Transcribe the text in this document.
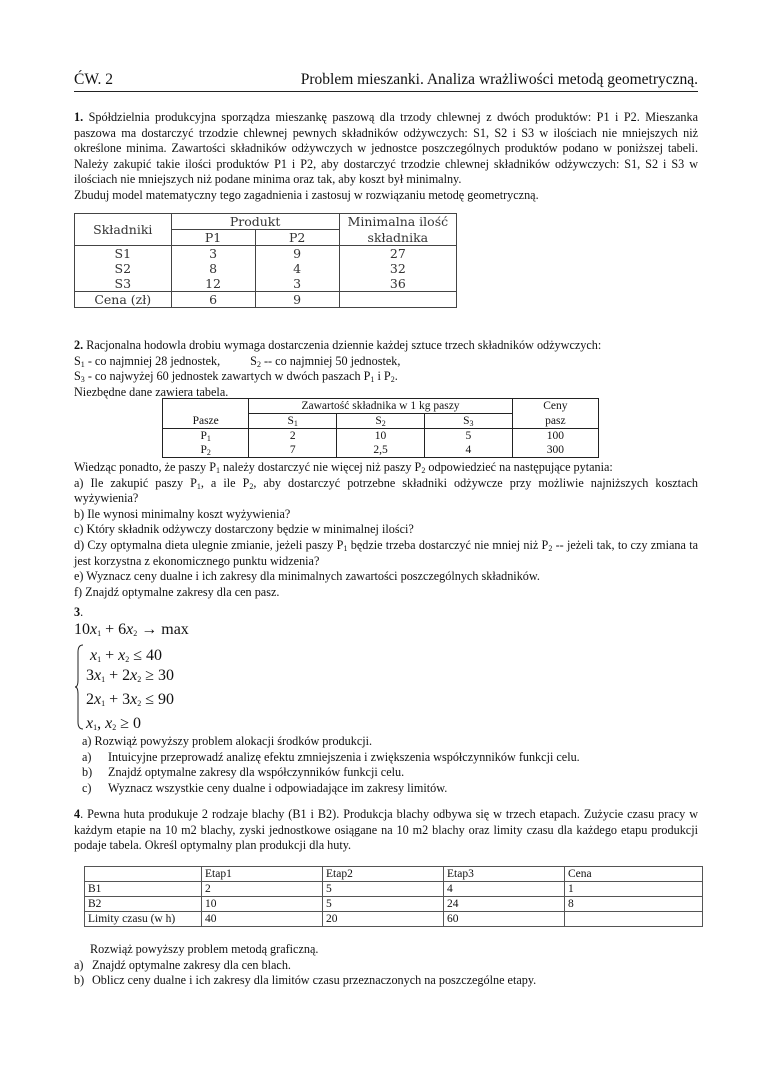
ĆW. 2	Problem mieszanki. Analiza wrażliwości metodą geometryczną.

1. Spółdzielnia produkcyjna sporządza mieszankę paszową dla trzody chlewnej z dwóch produktów: P1 i P2. Mieszanka paszowa ma dostarczyć trzodzie chlewnej pewnych składników odżywczych: S1, S2 i S3 w ilościach nie mniejszych niż określone minima. Zawartości składników odżywczych w jednostce poszczególnych produktów podano w poniższej tabeli. Należy zakupić takie ilości produktów P1 i P2, aby dostarczyć trzodzie chlewnej składników odżywczych: S1, S2 i S3 w ilościach nie mniejszych niż podane minima oraz tak, aby koszt był minimalny.

Zbuduj model matematyczny tego zagadnienia i zastosuj w rozwiązaniu metodę geometryczną.

Składniki	Produkt		Minimalna ilość
	P1	P2	składnika
S1	3	9	27
S2	8	4	32
S3	12	3	36
Cena (zł)	6	9	

2. Racjonalna hodowla drobiu wymaga dostarczenia dziennie każdej sztuce trzech składników odżywczych:

$S_1$ - co najmniej 28 jednostek, $S_2$ -- co najmniej 50 jednostek,

$S_3$ - co najwyżej 60 jednostek zawartych w dwóch paszach $P_1$ i $P_2$.

Niezbędne dane zawiera tabela.

	Zawartość składnika w 1 kg paszy			Ceny
Pasze	$S_1$	$S_2$	$S_3$	pasz
$P_1$	2	10	5	100
$P_2$	7	2,5	4	300

Wiedząc ponadto, że paszy $P_1$ należy dostarczyć nie więcej niż paszy $P_2$ odpowiedzieć na następujące pytania:

a) Ile zakupić paszy $P_1$, a ile $P_2$, aby dostarczyć potrzebne składniki odżywcze przy możliwie najniższych kosztach wyżywienia?

b) Ile wynosi minimalny koszt wyżywienia?

c) Który składnik odżywczy dostarczony będzie w minimalnej ilości?

d) Czy optymalna dieta ulegnie zmianie, jeżeli paszy $P_1$ będzie trzeba dostarczyć nie mniej niż $P_2$ -- jeżeli tak, to czy zmiana ta jest korzystna z ekonomicznego punktu widzenia?

e) Wyznacz ceny dualne i ich zakresy dla minimalnych zawartości poszczególnych składników.

f) Znajdź optymalne zakresy dla cen pasz.

3.
$10x_1 + 6x_2 \to \max$
$x_1 + x_2 \le 40$
$3x_1 + 2x_2 \ge 30$
$2x_1 + 3x_2 \le 90$
$x_1$, $x_2 \ge 0$

a) Rozwiąż powyższy problem alokacji środków produkcji.

a)	Intuicyjne przeprowadź analizę efektu zmniejszenia i zwiększenia współczynników funkcji celu.
b)	Znajdź optymalne zakresy dla współczynników funkcji celu.
c)	Wyznacz wszystkie ceny dualne i odpowiadające im zakresy limitów.

4. Pewna huta produkuje 2 rodzaje blachy (B1 i B2). Produkcja blachy odbywa się w trzech etapach. Zużycie czasu pracy w każdym etapie na 10 m2 blachy, zyski jednostkowe osiągane na 10 m2 blachy oraz limity czasu dla każdego etapu produkcji podaje tabela. Określ optymalny plan produkcji dla huty.

	Etap1	Etap2	Etap3	Cena
B1	2	5	4	1
B2	10	5	24	8
Limity czasu (w h)	40	20	60	

Rozwiąż powyższy problem metodą graficzną.

a) Znajdź optymalne zakresy dla cen blach.
b) Oblicz ceny dualne i ich zakresy dla limitów czasu przeznaczonych na poszczególne etapy.
